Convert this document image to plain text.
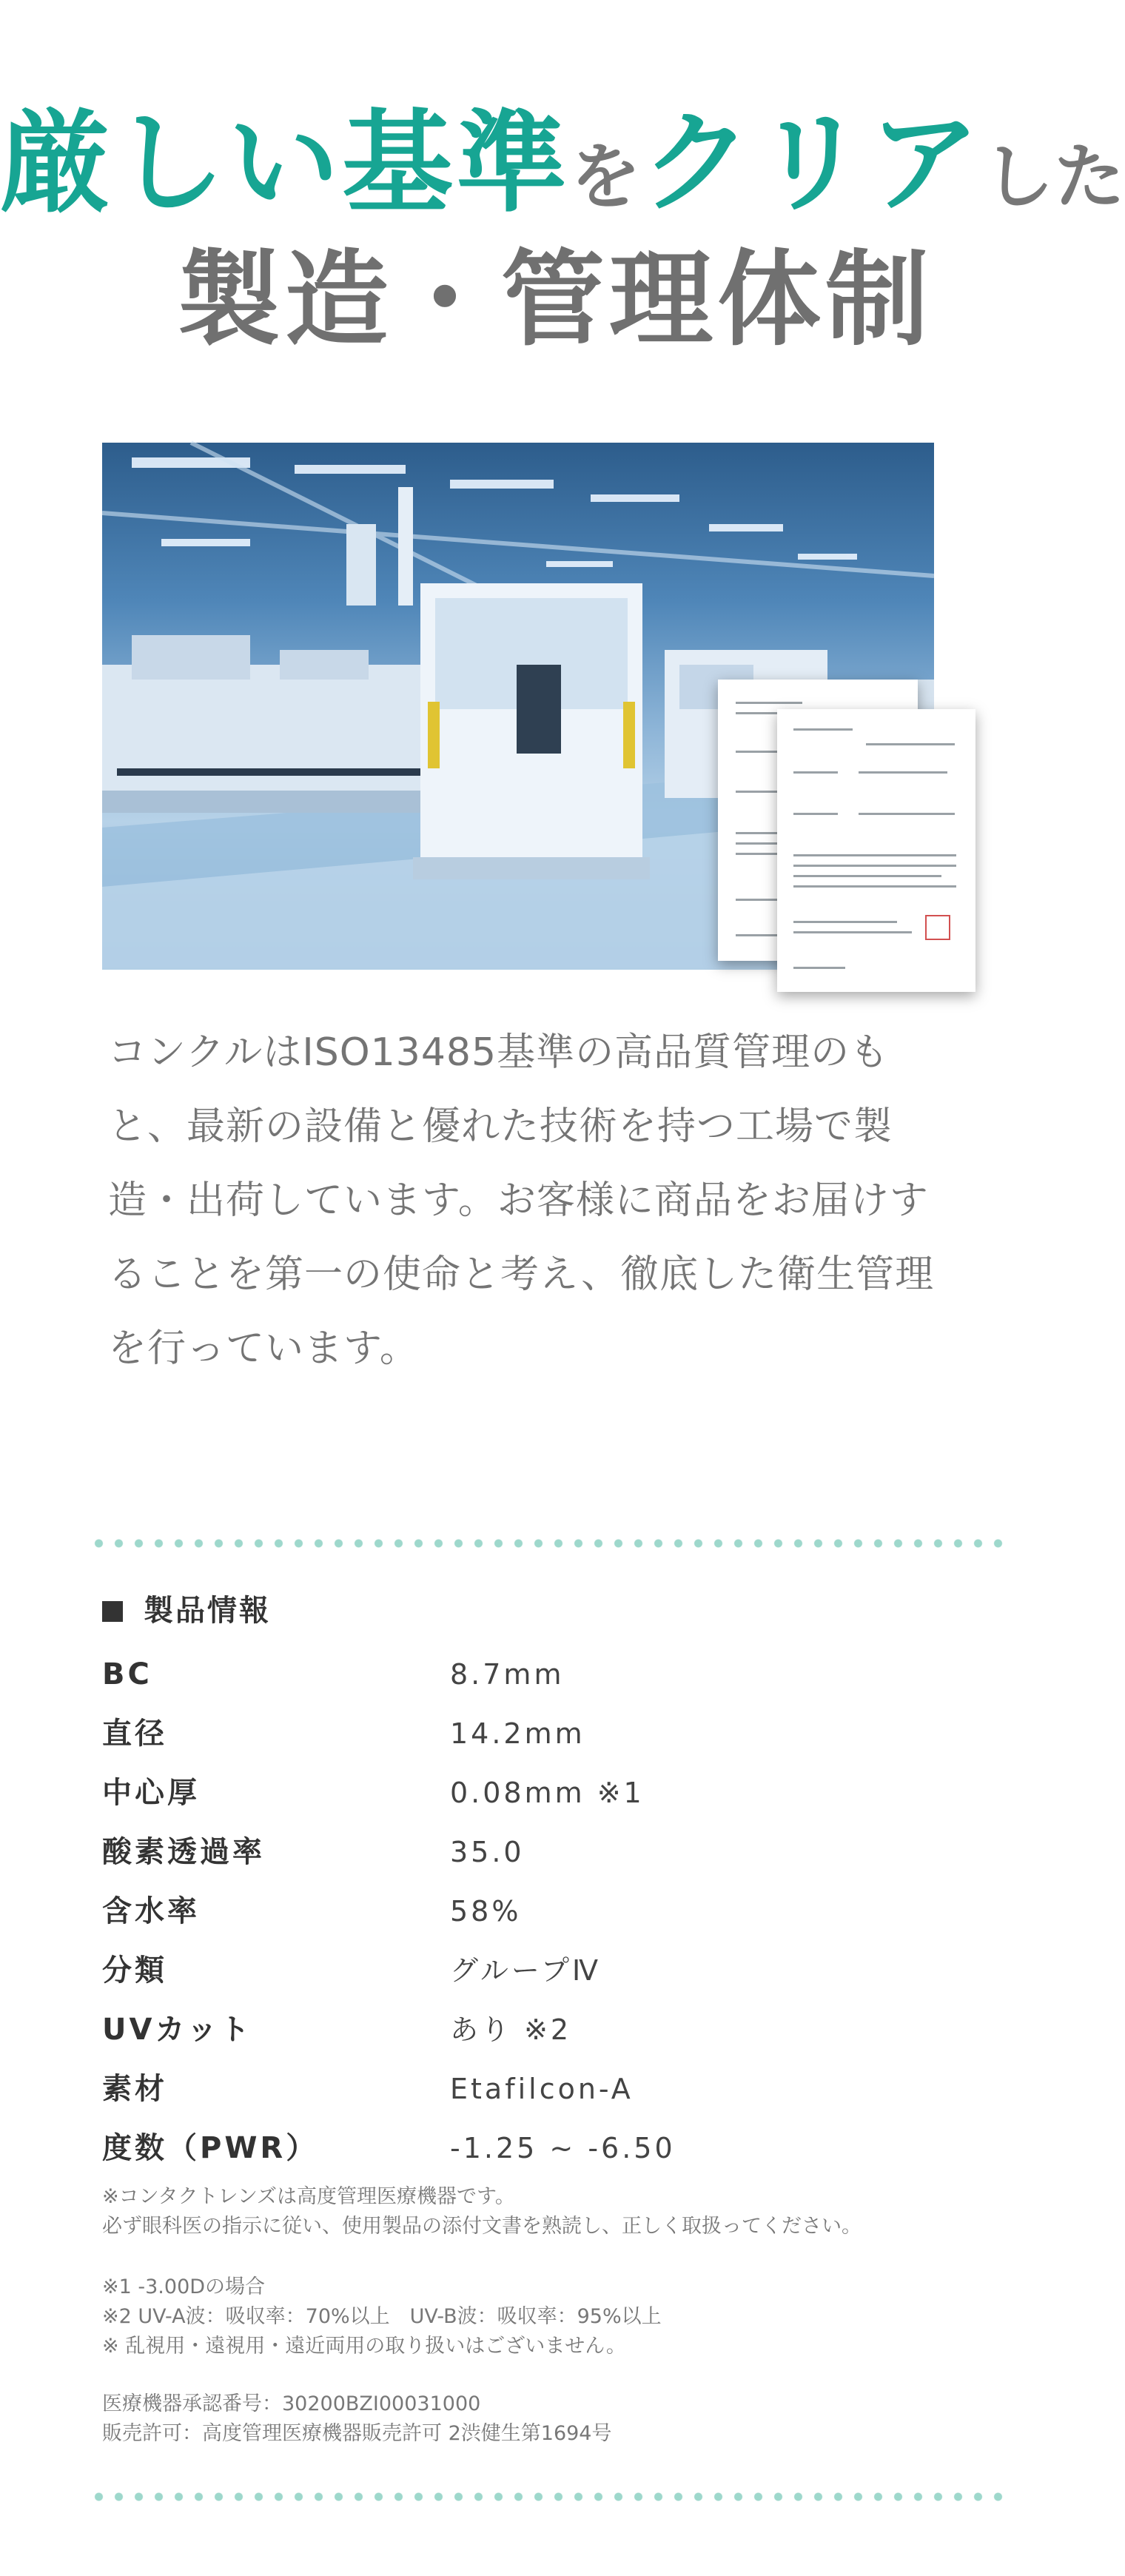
厳しい基準をクリアした
製造・管理体制
コンクルはISO13485基準の高品質管理のもと、最新の設備と優れた技術を持つ工場で製造・出荷しています。お客様に商品をお届けすることを第一の使命と考え、徹底した衛生管理を行っています。
製品情報
BC	8.7mm
直径	14.2mm
中心厚	0.08mm ※1
酸素透過率	35.0
含水率	58%
分類	グループⅣ
UVカット	あり ※2
素材	Etafilcon-A
度数（PWR）	-1.25 ~ -6.50

※コンタクトレンズは高度管理医療機器です。

必ず眼科医の指示に従い、使用製品の添付文書を熟読し、正しく取扱ってください。

※1 -3.00Dの場合

※2 UV-A波：吸収率：70%以上　UV-B波：吸収率：95%以上

※ 乱視用・遠視用・遠近両用の取り扱いはございません。

医療機器承認番号：30200BZI00031000

販売許可：高度管理医療機器販売許可 2渋健生第1694号
